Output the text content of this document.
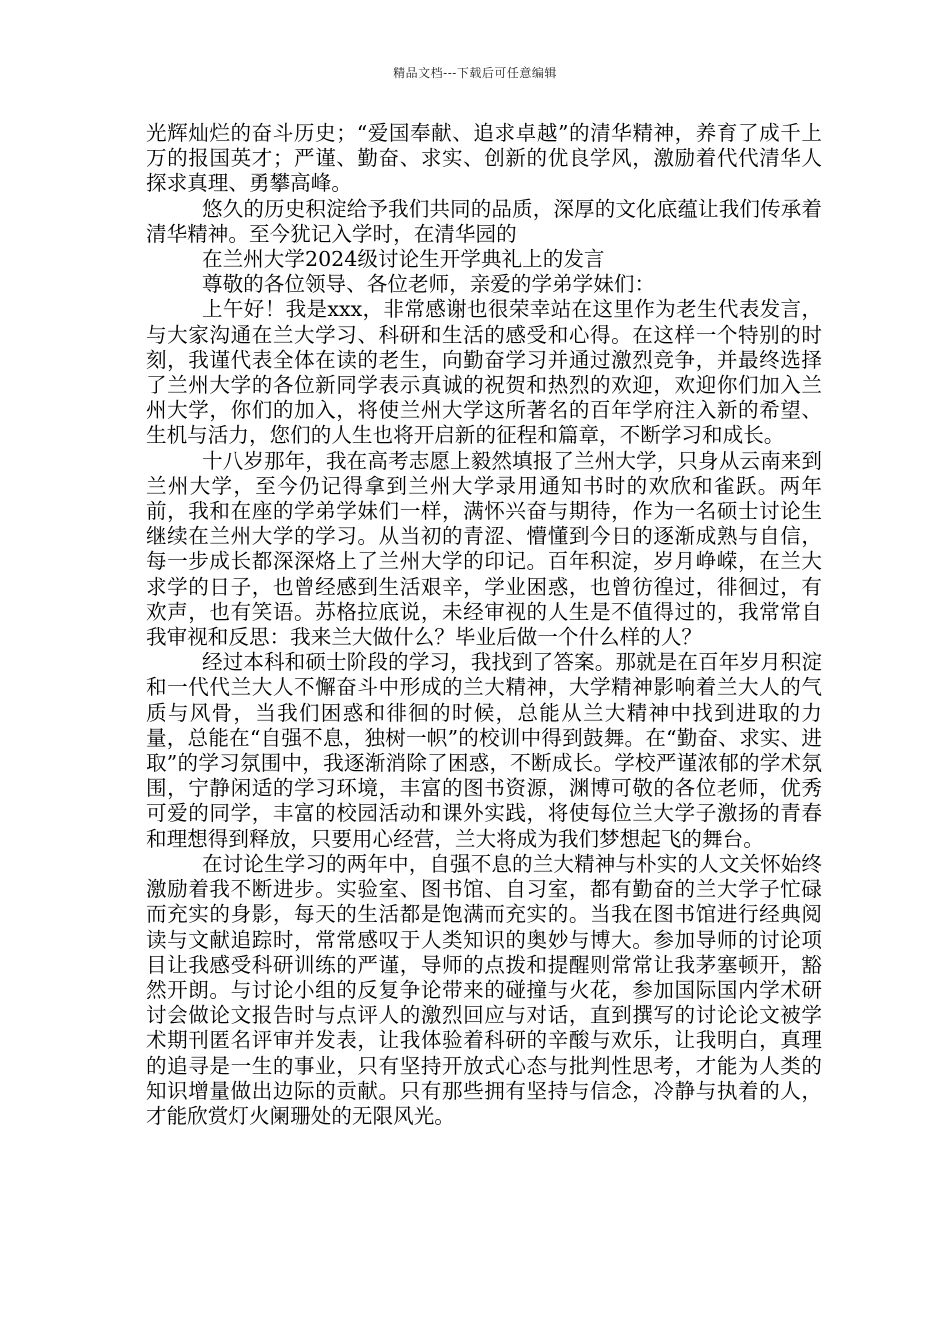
精品文档---下载后可任意编辑

光辉灿烂的奋斗历史；“爱国奉献、追求卓越”的清华精神，养育了成千上万的报国英才；严谨、勤奋、求实、创新的优良学风，激励着代代清华人探求真理、勇攀高峰。

悠久的历史积淀给予我们共同的品质，深厚的文化底蕴让我们传承着清华精神。至今犹记入学时，在清华园的

在兰州大学2024级讨论生开学典礼上的发言

尊敬的各位领导、各位老师，亲爱的学弟学妹们：

上午好！我是xxx，非常感谢也很荣幸站在这里作为老生代表发言，与大家沟通在兰大学习、科研和生活的感受和心得。在这样一个特别的时刻，我谨代表全体在读的老生，向勤奋学习并通过激烈竞争，并最终选择了兰州大学的各位新同学表示真诚的祝贺和热烈的欢迎，欢迎你们加入兰州大学，你们的加入，将使兰州大学这所著名的百年学府注入新的希望、生机与活力，您们的人生也将开启新的征程和篇章，不断学习和成长。

十八岁那年，我在高考志愿上毅然填报了兰州大学，只身从云南来到兰州大学，至今仍记得拿到兰州大学录用通知书时的欢欣和雀跃。两年前，我和在座的学弟学妹们一样，满怀兴奋与期待，作为一名硕士讨论生继续在兰州大学的学习。从当初的青涩、懵懂到今日的逐渐成熟与自信，每一步成长都深深烙上了兰州大学的印记。百年积淀，岁月峥嵘，在兰大求学的日子，也曾经感到生活艰辛，学业困惑，也曾彷徨过，徘徊过，有欢声，也有笑语。苏格拉底说，未经审视的人生是不值得过的，我常常自我审视和反思：我来兰大做什么？毕业后做一个什么样的人？

经过本科和硕士阶段的学习，我找到了答案。那就是在百年岁月积淀和一代代兰大人不懈奋斗中形成的兰大精神，大学精神影响着兰大人的气质与风骨，当我们困惑和徘徊的时候，总能从兰大精神中找到进取的力量，总能在“自强不息，独树一帜”的校训中得到鼓舞。在“勤奋、求实、进取”的学习氛围中，我逐渐消除了困惑，不断成长。学校严谨浓郁的学术氛围，宁静闲适的学习环境，丰富的图书资源，渊博可敬的各位老师，优秀可爱的同学，丰富的校园活动和课外实践，将使每位兰大学子激扬的青春和理想得到释放，只要用心经营，兰大将成为我们梦想起飞的舞台。

在讨论生学习的两年中，自强不息的兰大精神与朴实的人文关怀始终激励着我不断进步。实验室、图书馆、自习室，都有勤奋的兰大学子忙碌而充实的身影，每天的生活都是饱满而充实的。当我在图书馆进行经典阅读与文献追踪时，常常感叹于人类知识的奥妙与博大。参加导师的讨论项目让我感受科研训练的严谨，导师的点拨和提醒则常常让我茅塞顿开，豁然开朗。与讨论小组的反复争论带来的碰撞与火花，参加国际国内学术研讨会做论文报告时与点评人的激烈回应与对话，直到撰写的讨论论文被学术期刊匿名评审并发表，让我体验着科研的辛酸与欢乐，让我明白，真理的追寻是一生的事业，只有坚持开放式心态与批判性思考，才能为人类的知识增量做出边际的贡献。只有那些拥有坚持与信念，冷静与执着的人，才能欣赏灯火阑珊处的无限风光。
